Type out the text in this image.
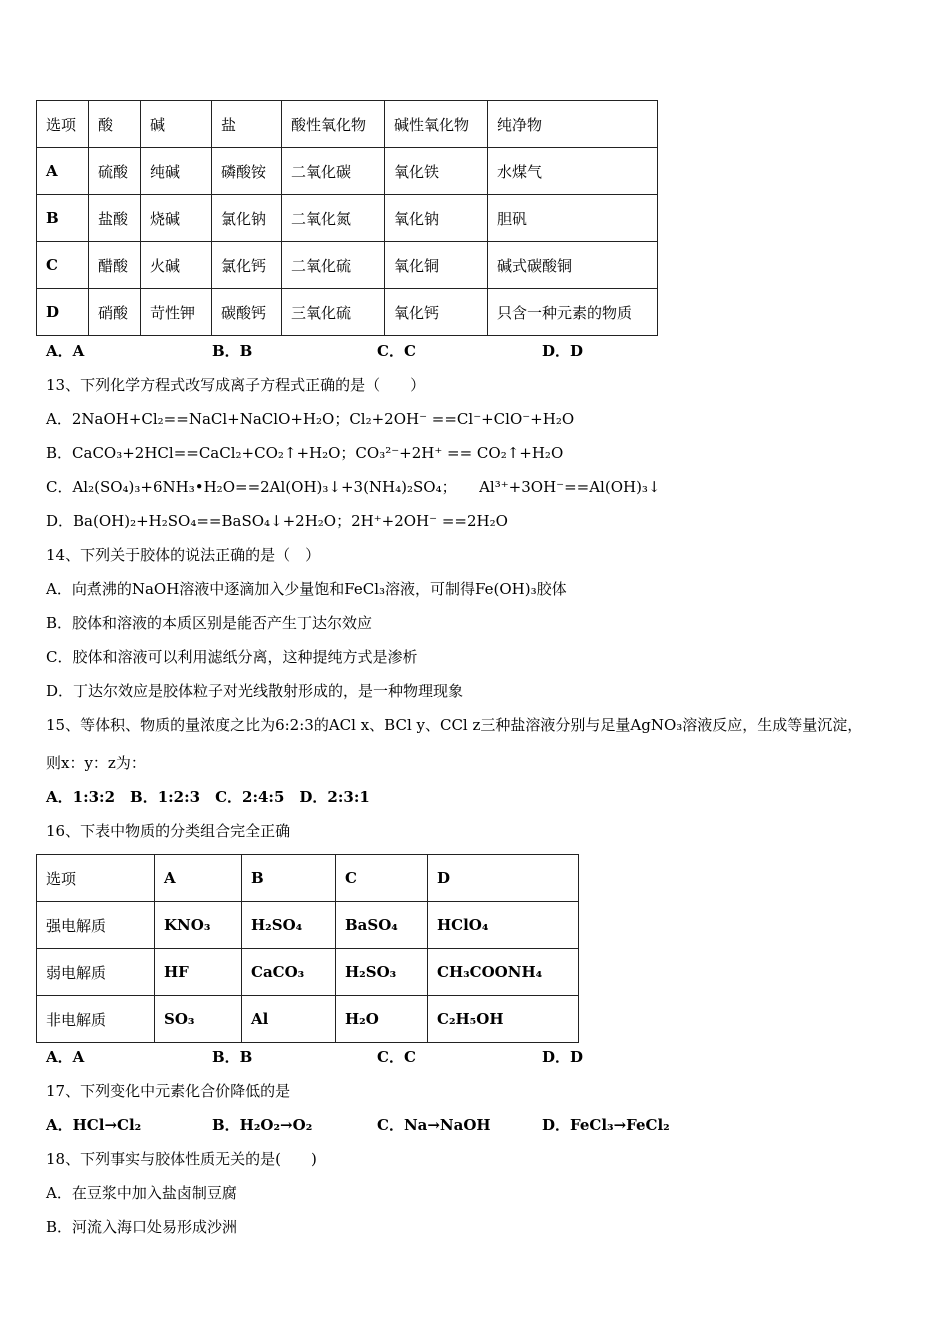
选项	酸	碱	盐	酸性氧化物	碱性氧化物	纯净物
A	硫酸	纯碱	磷酸铵	二氧化碳	氧化铁	水煤气
B	盐酸	烧碱	氯化钠	二氧化氮	氧化钠	胆矾
C	醋酸	火碱	氯化钙	二氧化硫	氧化铜	碱式碳酸铜
D	硝酸	苛性钾	碳酸钙	三氧化硫	氧化钙	只含一种元素的物质
A．A	B．B	C．C	D．D
13、下列化学方程式改写成离子方程式正确的是（　　）
A．2NaOH+Cl₂==NaCl+NaClO+H₂O；Cl₂+2OH⁻ ==Cl⁻+ClO⁻+H₂O
B．CaCO₃+2HCl==CaCl₂+CO₂↑+H₂O；CO₃²⁻+2H⁺ == CO₂↑+H₂O
C．Al₂(SO₄)₃+6NH₃•H₂O==2Al(OH)₃↓+3(NH₄)₂SO₄；　　Al³⁺+3OH⁻==Al(OH)₃↓
D．Ba(OH)₂+H₂SO₄==BaSO₄↓+2H₂O；2H⁺+2OH⁻ ==2H₂O
14、下列关于胶体的说法正确的是（　）
A．向煮沸的NaOH溶液中逐滴加入少量饱和FeCl₃溶液，可制得Fe(OH)₃胶体
B．胶体和溶液的本质区别是能否产生丁达尔效应
C．胶体和溶液可以利用滤纸分离，这种提纯方式是渗析
D．丁达尔效应是胶体粒子对光线散射形成的，是一种物理现象
15、等体积、物质的量浓度之比为6:2:3的ACl x、BCl y、CCl z三种盐溶液分别与足量AgNO₃溶液反应，生成等量沉淀，
则x：y：z为：
A．1:3:2　B．1:2:3　C．2:4:5　D．2:3:1
16、下表中物质的分类组合完全正确
选项	A	B	C	D
强电解质	KNO₃	H₂SO₄	BaSO₄	HClO₄
弱电解质	HF	CaCO₃	H₂SO₃	CH₃COONH₄
非电解质	SO₃	Al	H₂O	C₂H₅OH
A．A	B．B	C．C	D．D
17、下列变化中元素化合价降低的是
A．HCl→Cl₂	B．H₂O₂→O₂	C．Na→NaOH	D．FeCl₃→FeCl₂
18、下列事实与胶体性质无关的是(　　)
A．在豆浆中加入盐卤制豆腐
B．河流入海口处易形成沙洲
